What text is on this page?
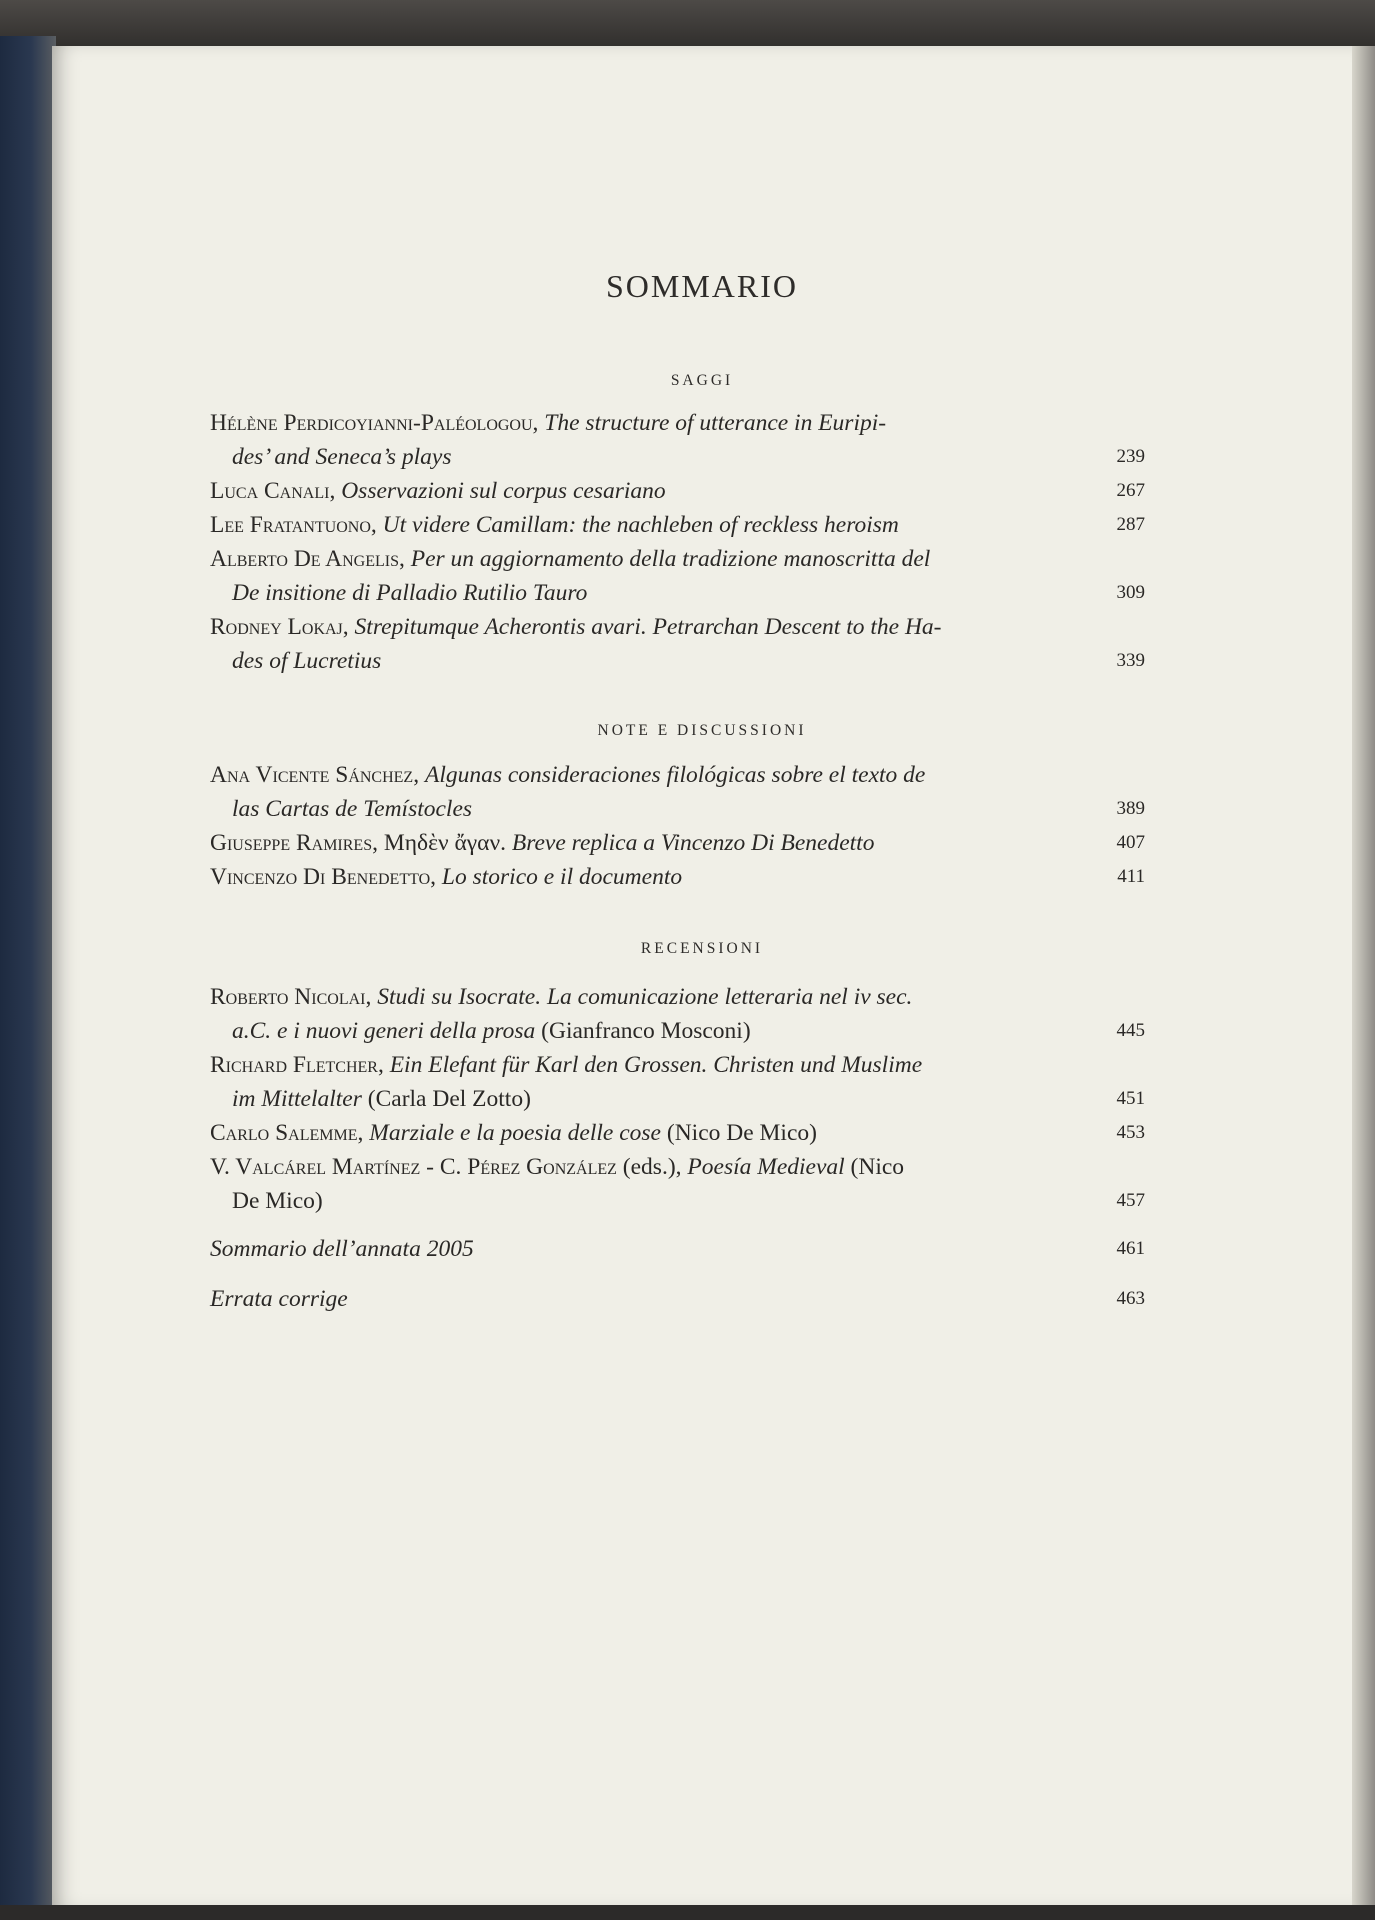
SOMMARIO
SAGGI
Hélène Perdicoyianni-Paléologou, The structure of utterance in Euripi-
des’ and Seneca’s plays	239
Luca Canali, Osservazioni sul corpus cesariano	267
Lee Fratantuono, Ut videre Camillam: the nachleben of reckless heroism	287
Alberto De Angelis, Per un aggiornamento della tradizione manoscritta del
De insitione di Palladio Rutilio Tauro	309
Rodney Lokaj, Strepitumque Acherontis avari. Petrarchan Descent to the Ha-
des of Lucretius	339
NOTE E DISCUSSIONI
Ana Vicente Sánchez, Algunas consideraciones filológicas sobre el texto de
las Cartas de Temístocles	389
Giuseppe Ramires, Μηδὲν ἄγαν. Breve replica a Vincenzo Di Benedetto	407
Vincenzo Di Benedetto, Lo storico e il documento	411
RECENSIONI
Roberto Nicolai, Studi su Isocrate. La comunicazione letteraria nel iv sec.
a.C. e i nuovi generi della prosa (Gianfranco Mosconi)	445
Richard Fletcher, Ein Elefant für Karl den Grossen. Christen und Muslime
im Mittelalter (Carla Del Zotto)	451
Carlo Salemme, Marziale e la poesia delle cose (Nico De Mico)	453
V. Valcárel Martínez - C. Pérez González (eds.), Poesía Medieval (Nico
De Mico)	457
Sommario dell’annata 2005	461
Errata corrige	463
